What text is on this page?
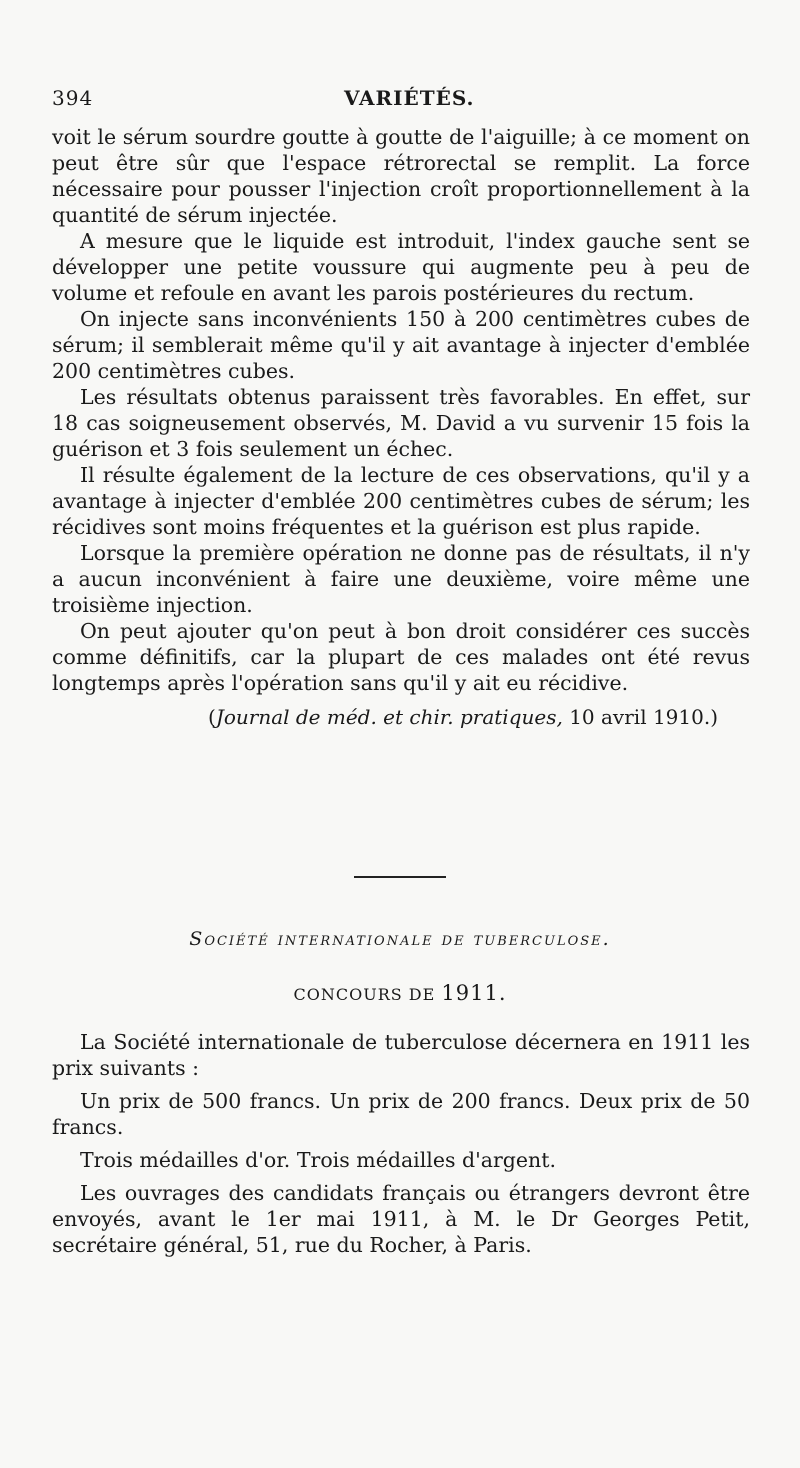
394	VARIÉTÉS.

voit le sérum sourdre goutte à goutte de l'aiguille; à ce moment on peut être sûr que l'espace rétrorectal se remplit. La force nécessaire pour pousser l'injection croît proportionnellement à la quantité de sérum injectée.

A mesure que le liquide est introduit, l'index gauche sent se développer une petite voussure qui augmente peu à peu de volume et refoule en avant les parois postérieures du rectum.

On injecte sans inconvénients 150 à 200 centimètres cubes de sérum; il semblerait même qu'il y ait avantage à injecter d'emblée 200 centimètres cubes.

Les résultats obtenus paraissent très favorables. En effet, sur 18 cas soigneusement observés, M. David a vu survenir 15 fois la guérison et 3 fois seulement un échec.

Il résulte également de la lecture de ces observations, qu'il y a avantage à injecter d'emblée 200 centimètres cubes de sérum; les récidives sont moins fréquentes et la guérison est plus rapide.

Lorsque la première opération ne donne pas de résultats, il n'y a aucun inconvénient à faire une deuxième, voire même une troisième injection.

On peut ajouter qu'on peut à bon droit considérer ces succès comme définitifs, car la plupart de ces malades ont été revus longtemps après l'opération sans qu'il y ait eu récidive.

(Journal de méd. et chir. pratiques, 10 avril 1910.)

Société internationale de tuberculose.
CONCOURS DE 1911.

La Société internationale de tuberculose décernera en 1911 les prix suivants :

Un prix de 500 francs. Un prix de 200 francs. Deux prix de 50 francs.

Trois médailles d'or. Trois médailles d'argent.

Les ouvrages des candidats français ou étrangers devront être envoyés, avant le 1er mai 1911, à M. le Dr Georges Petit, secrétaire général, 51, rue du Rocher, à Paris.
